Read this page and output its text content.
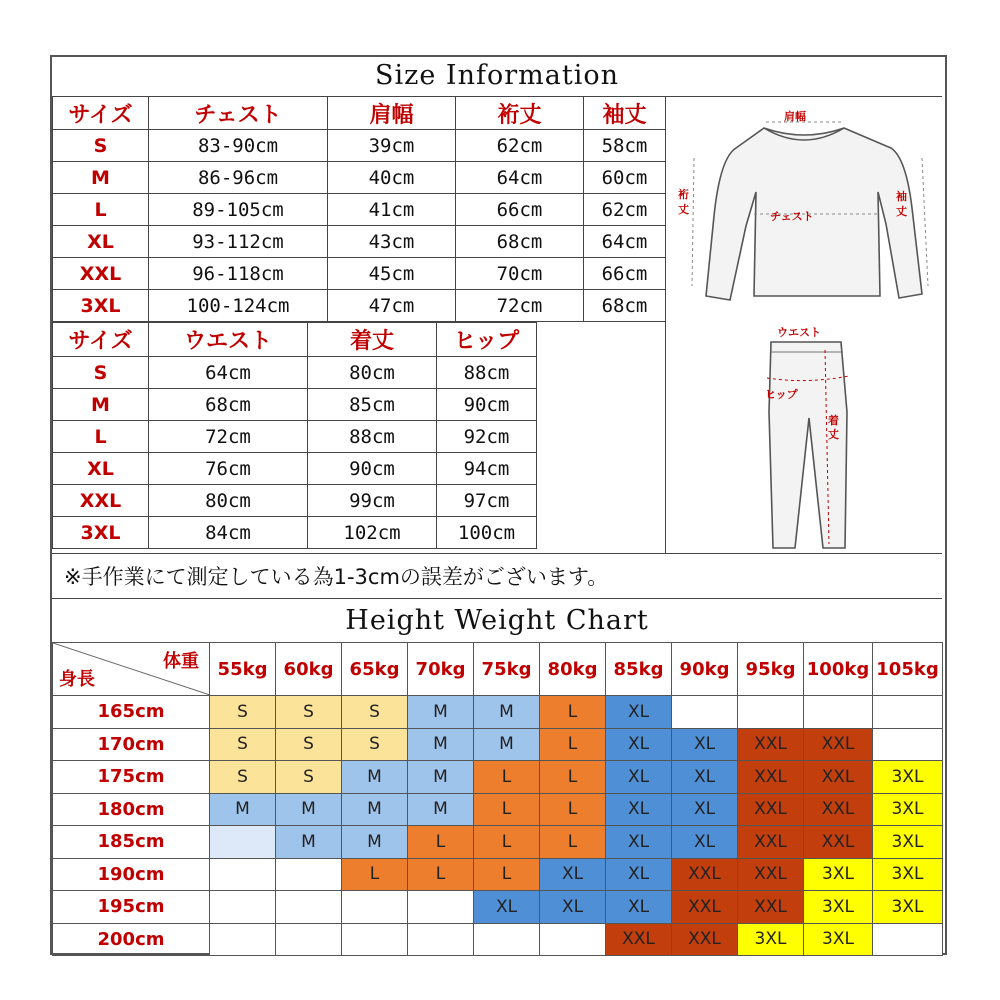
Size Information
サイズ	チェスト	肩幅	裄丈	袖丈
S	83-90cm	39cm	62cm	58cm
M	86-96cm	40cm	64cm	60cm
L	89-105cm	41cm	66cm	62cm
XL	93-112cm	43cm	68cm	64cm
XXL	96-118cm	45cm	70cm	66cm
3XL	100-124cm	47cm	72cm	68cm
サイズ	ウエスト	着丈	ヒップ
S	64cm	80cm	88cm
M	68cm	85cm	90cm
L	72cm	88cm	92cm
XL	76cm	90cm	94cm
XXL	80cm	99cm	97cm
3XL	84cm	102cm	100cm
肩幅
チェスト
裄
丈
袖
丈
ウエスト
ヒップ
着
丈
※手作業にて測定している為1-3cmの誤差がございます。
Height Weight Chart
体重
身長	55kg	60kg	65kg	70kg	75kg	80kg	85kg	90kg	95kg	100kg	105kg
165cm	S	S	S	M	M	L	XL				
170cm	S	S	S	M	M	L	XL	XL	XXL	XXL	
175cm	S	S	M	M	L	L	XL	XL	XXL	XXL	3XL
180cm	M	M	M	M	L	L	XL	XL	XXL	XXL	3XL
185cm		M	M	L	L	L	XL	XL	XXL	XXL	3XL
190cm			L	L	L	XL	XL	XXL	XXL	3XL	3XL
195cm					XL	XL	XL	XXL	XXL	3XL	3XL
200cm							XXL	XXL	3XL	3XL	
